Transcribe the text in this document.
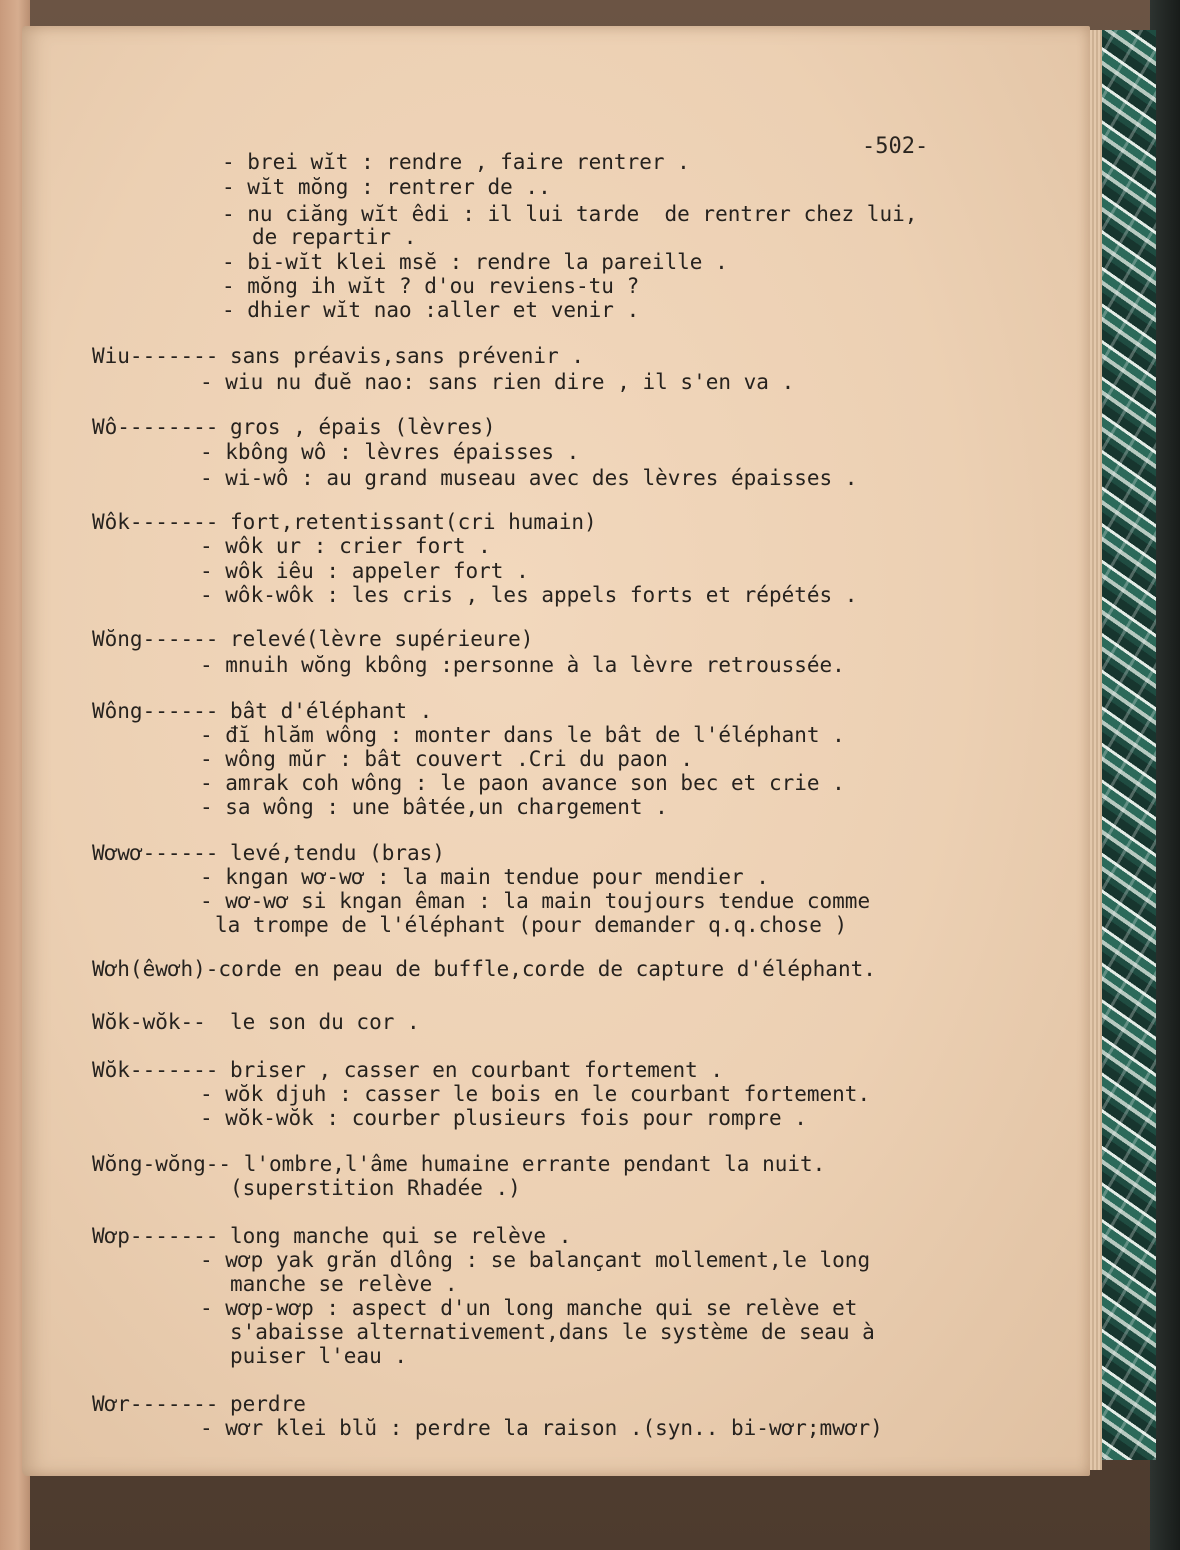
-502-
- brei wĭt : rendre , faire rentrer .
- wĭt mŏng : rentrer de ..
- nu ciăng wĭt êdi : il lui tarde  de rentrer chez lui,
de repartir .
- bi-wĭt klei msĕ : rendre la pareille .
- mŏng ih wĭt ? d'ou reviens-tu ?
- dhier wĭt nao :aller et venir .
Wiu------- sans préavis,sans prévenir .
- wiu nu đuĕ nao: sans rien dire , il s'en va .
Wô-------- gros , épais (lèvres)
- kbông wô : lèvres épaisses .
- wi-wô : au grand museau avec des lèvres épaisses .
Wôk------- fort,retentissant(cri humain)
- wôk ur : crier fort .
- wôk iêu : appeler fort .
- wôk-wôk : les cris , les appels forts et répétés .
Wŏng------ relevé(lèvre supérieure)
- mnuih wŏng kbông :personne à la lèvre retroussée.
Wông------ bât d'éléphant .
- đĭ hlăm wông : monter dans le bât de l'éléphant .
- wông mŭr : bât couvert .Cri du paon .
- amrak coh wông : le paon avance son bec et crie .
- sa wông : une bâtée,un chargement .
Wơwơ------ levé,tendu (bras)
- kngan wơ-wơ : la main tendue pour mendier .
- wơ-wơ si kngan êman : la main toujours tendue comme
la trompe de l'éléphant (pour demander q.q.chose )
Wơh(êwơh)-corde en peau de buffle,corde de capture d'éléphant.
Wŏk-wŏk-- le son du cor .
Wŏk------- briser , casser en courbant fortement .
- wŏk djuh : casser le bois en le courbant fortement.
- wŏk-wŏk : courber plusieurs fois pour rompre .
Wŏng-wŏng-- l'ombre,l'âme humaine errante pendant la nuit.
(superstition Rhadée .)
Wơp------- long manche qui se relève .
- wơp yak grăn dlông : se balançant mollement,le long
manche se relève .
- wơp-wơp : aspect d'un long manche qui se relève et
s'abaisse alternativement,dans le système de seau à
puiser l'eau .
Wơr------- perdre
- wơr klei blŭ : perdre la raison .(syn.. bi-wơr;mwơr)
